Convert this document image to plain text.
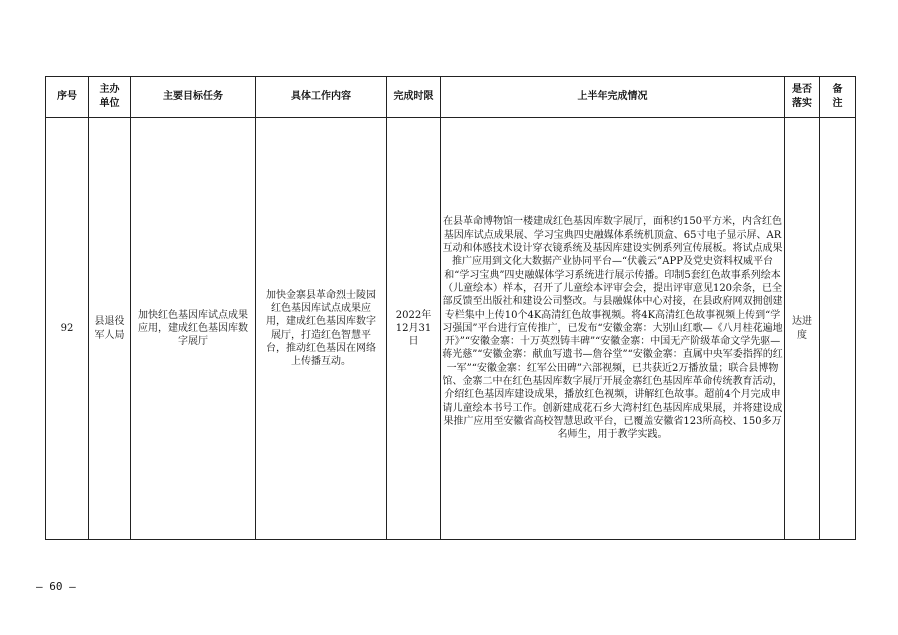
序号	主办单位	主要目标任务	具体工作内容	完成时限	上半年完成情况	是否落实	备注
92	县退役军人局	加快红色基因库试点成果应用，建成红色基因库数字展厅	加快金寨县革命烈士陵园红色基因库试点成果应用，建成红色基因库数字展厅，打造红色智慧平台，推动红色基因在网络上传播互动。	2022年12月31日	在县革命博物馆一楼建成红色基因库数字展厅，面积约150平方米，内含红色基因库试点成果展、学习宝典四史融媒体系统机顶盒、65寸电子显示屏、AR互动和体感技术设计穿衣镜系统及基因库建设实例系列宣传展板。将试点成果推广应用到文化大数据产业协同平台—“伏羲云”APP及党史资料权威平台和“学习宝典”四史融媒体学习系统进行展示传播。印制5套红色故事系列绘本（儿童绘本）样本，召开了儿童绘本评审会会，提出评审意见120余条，已全部反馈至出版社和建设公司整改。与县融媒体中心对接，在县政府网双拥创建专栏集中上传10个4K高清红色故事视频。将4K高清红色故事视频上传到“学习强国”平台进行宣传推广，已发布“安徽金寨：大别山红歌—《八月桂花遍地开》”“安徽金寨：十万英烈铸丰碑”“安徽金寨：中国无产阶级革命文学先驱—蒋光慈”“安徽金寨：献血写遗书—詹谷堂”“安徽金寨：直属中央军委指挥的红一军”“安徽金寨：红军公田碑”六部视频，已共获近2万播放量；联合县博物馆、金寨二中在红色基因库数字展厅开展金寨红色基因库革命传统教育活动，介绍红色基因库建设成果，播放红色视频，讲解红色故事。超前4个月完成申请儿童绘本书号工作。创新建成花石乡大湾村红色基因库成果展，并将建设成果推广应用至安徽省高校智慧思政平台，已覆盖安徽省123所高校、150多万名师生，用于教学实践。	达进度	
— 60 —
